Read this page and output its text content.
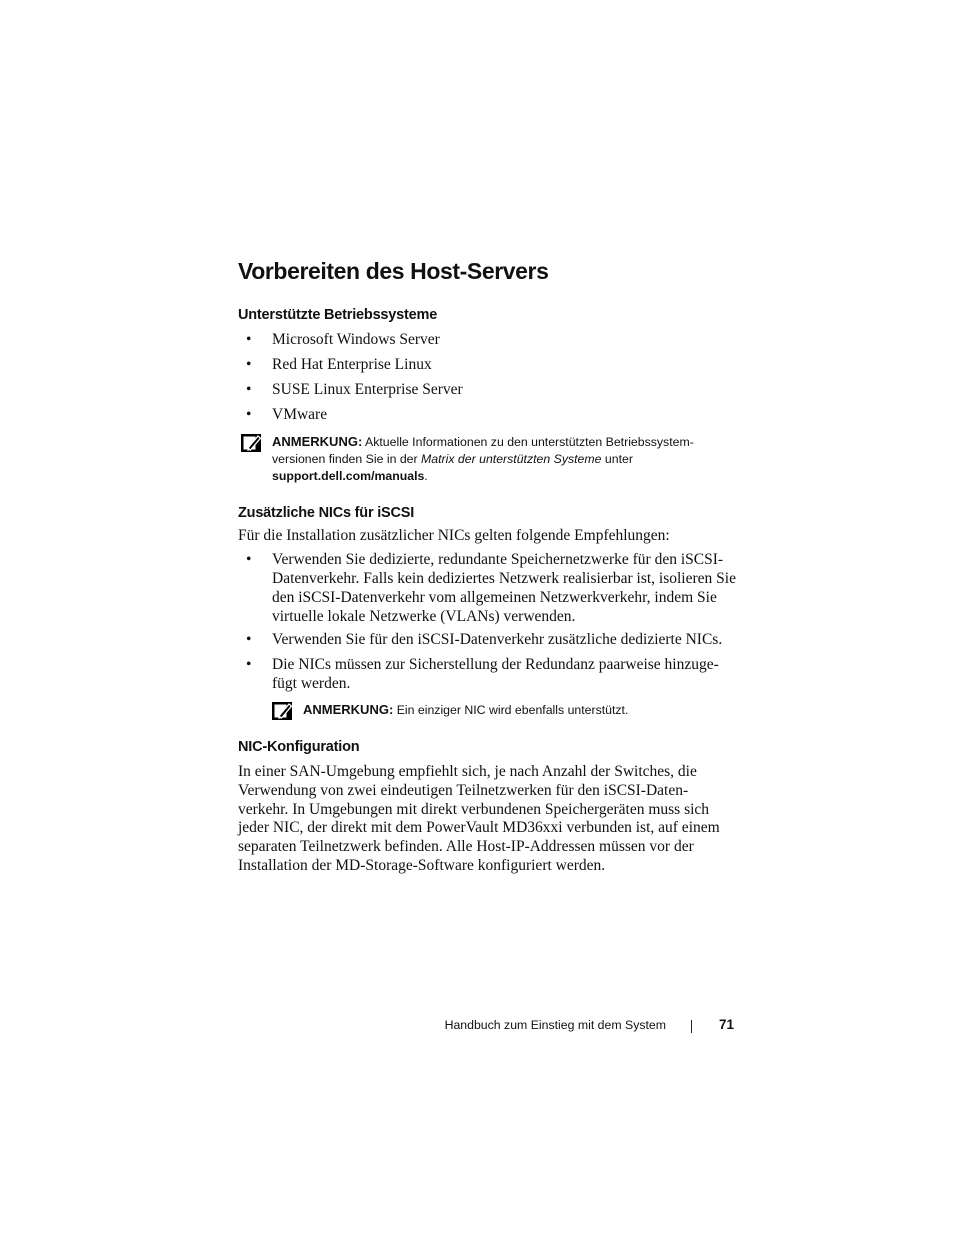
Vorbereiten des Host-Servers
Unterstützte Betriebssysteme
• Microsoft Windows Server
• Red Hat Enterprise Linux
• SUSE Linux Enterprise Server
• VMware
ANMERKUNG: Aktuelle Informationen zu den unterstützten Betriebssystem-versionen finden Sie in der Matrix der unterstützten Systeme unter support.dell.com/manuals.
Zusätzliche NICs für iSCSI

Für die Installation zusätzlicher NICs gelten folgende Empfehlungen:

• Verwenden Sie dedizierte, redundante Speichernetzwerke für den iSCSI-Datenverkehr. Falls kein dediziertes Netzwerk realisierbar ist, isolieren Sie den iSCSI-Datenverkehr vom allgemeinen Netzwerkverkehr, indem Sie virtuelle lokale Netzwerke (VLANs) verwenden.
• Verwenden Sie für den iSCSI-Datenverkehr zusätzliche dedizierte NICs.
• Die NICs müssen zur Sicherstellung der Redundanz paarweise hinzuge-fügt werden.
ANMERKUNG: Ein einziger NIC wird ebenfalls unterstützt.
NIC-Konfiguration

In einer SAN-Umgebung empfiehlt sich, je nach Anzahl der Switches, die Verwendung von zwei eindeutigen Teilnetzwerken für den iSCSI-Daten-verkehr. In Umgebungen mit direkt verbundenen Speichergeräten muss sich jeder NIC, der direkt mit dem PowerVault MD36xxi verbunden ist, auf einem separaten Teilnetzwerk befinden. Alle Host-IP-Addressen müssen vor der Installation der MD-Storage-Software konfiguriert werden.

Handbuch zum Einstieg mit dem System	71
